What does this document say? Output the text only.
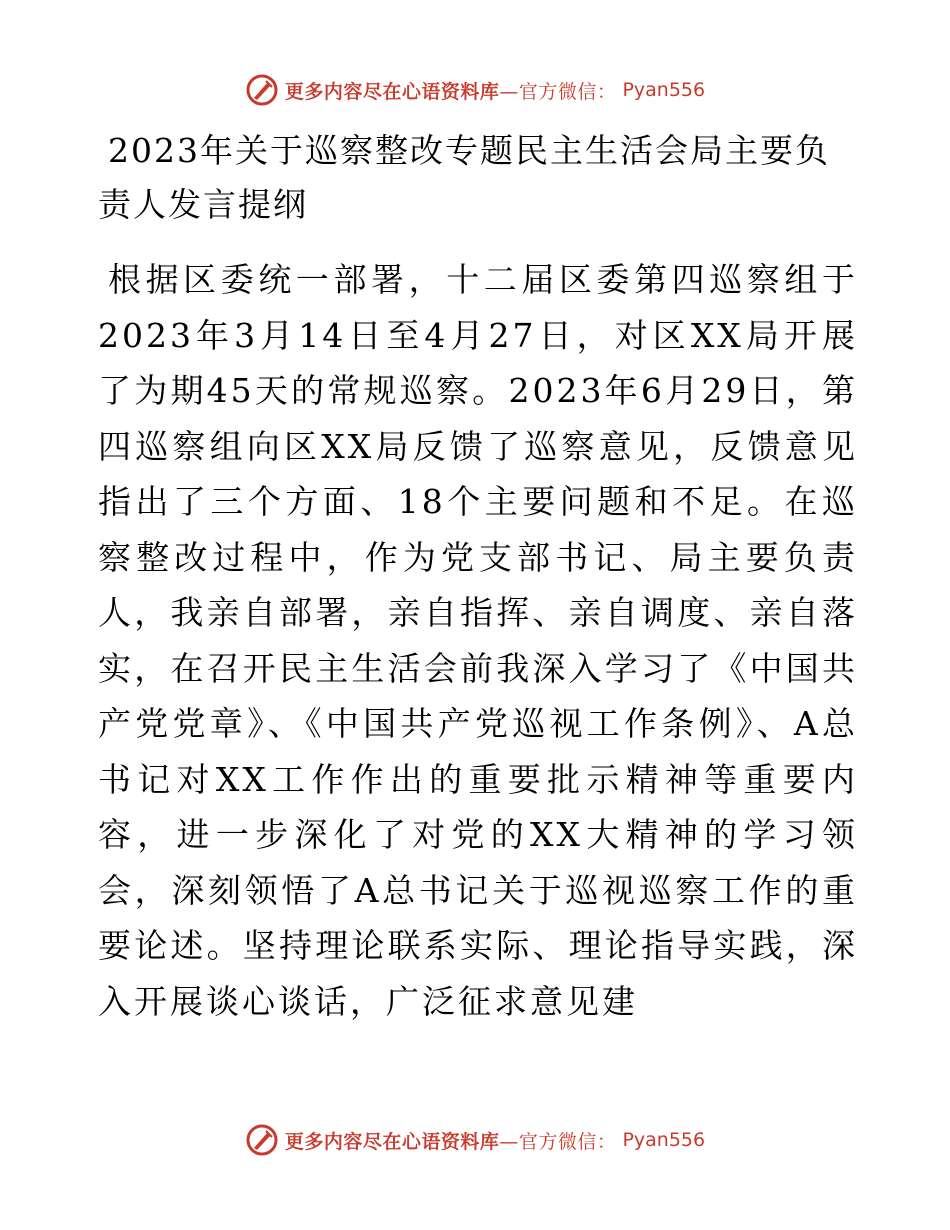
更多内容尽在心语资料库—官方微信： Pyan556
2023年关于巡察整改专题民主生活会局主要负责人发言提纲

根据区委统一部署，十二届区委第四巡察组于2023年3月14日至4月27日，对区XX局开展了为期45天的常规巡察。2023年6月29日，第四巡察组向区XX局反馈了巡察意见，反馈意见指出了三个方面、18个主要问题和不足。在巡察整改过程中，作为党支部书记、局主要负责人，我亲自部署，亲自指挥、亲自调度、亲自落实，在召开民主生活会前我深入学习了《中国共产党党章》、《中国共产党巡视工作条例》、A总书记对XX工作作出的重要批示精神等重要内容，进一步深化了对党的XX大精神的学习领会，深刻领悟了A总书记关于巡视巡察工作的重要论述。坚持理论联系实际、理论指导实践，深入开展谈心谈话，广泛征求意见建

更多内容尽在心语资料库—官方微信： Pyan556
